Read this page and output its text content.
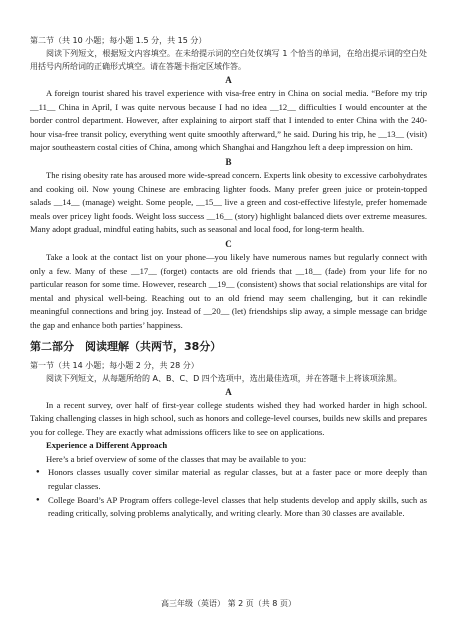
第二节（共 10 小题；每小题 1.5 分，共 15 分）

阅读下列短文，根据短文内容填空。在未给提示词的空白处仅填写 1 个恰当的单词，在给出提示词的空白处用括号内所给词的正确形式填空。请在答题卡指定区域作答。

A

A foreign tourist shared his travel experience with visa-free entry in China on social media. “Before my trip __11__ China in April, I was quite nervous because I had no idea __12__ difficulties I would encounter at the border control department. However, after explaining to airport staff that I intended to enter China with the 240-hour visa-free transit policy, everything went quite smoothly afterward,” he said. During his trip, he __13__ (visit) major southeastern costal cities of China, among which Shanghai and Hangzhou left a deep impression on him.

B

The rising obesity rate has aroused more wide-spread concern. Experts link obesity to excessive carbohydrates and cooking oil. Now young Chinese are embracing lighter foods. Many prefer green juice or protein-topped salads __14__ (manage) weight. Some people, __15__ live a green and cost-effective lifestyle, prefer homemade meals over pricey light foods. Weight loss success __16__ (story) highlight balanced diets over extreme measures. Many adopt gradual, mindful eating habits, such as seasonal and local food, for long-term health.

C

Take a look at the contact list on your phone—you likely have numerous names but regularly connect with only a few. Many of these __17__ (forget) contacts are old friends that __18__ (fade) from your life for no particular reason for some time. However, research __19__ (consistent) shows that social relationships are vital for mental and physical well-being. Reaching out to an old friend may seem challenging, but it can rekindle meaningful connections and bring joy. Instead of __20__ (let) friendships slip away, a simple message can bridge the gap and enhance both parties’ happiness.

第二部分　阅读理解（共两节，38分）

第一节（共 14 小题；每小题 2 分，共 28 分）

阅读下列短文，从每题所给的 A、B、C、D 四个选项中，选出最佳选项，并在答题卡上将该项涂黑。

A

In a recent survey, over half of first-year college students wished they had worked harder in high school. Taking challenging classes in high school, such as honors and college-level courses, builds new skills and prepares you for college. They are exactly what admissions officers like to see on applications.

Experience a Different Approach

Here’s a brief overview of some of the classes that may be available to you:

● Honors classes usually cover similar material as regular classes, but at a faster pace or more deeply than regular classes.
● College Board’s AP Program offers college-level classes that help students develop and apply skills, such as reading critically, solving problems analytically, and writing clearly. More than 30 classes are available.
高三年级（英语） 第 2 页（共 8 页）
